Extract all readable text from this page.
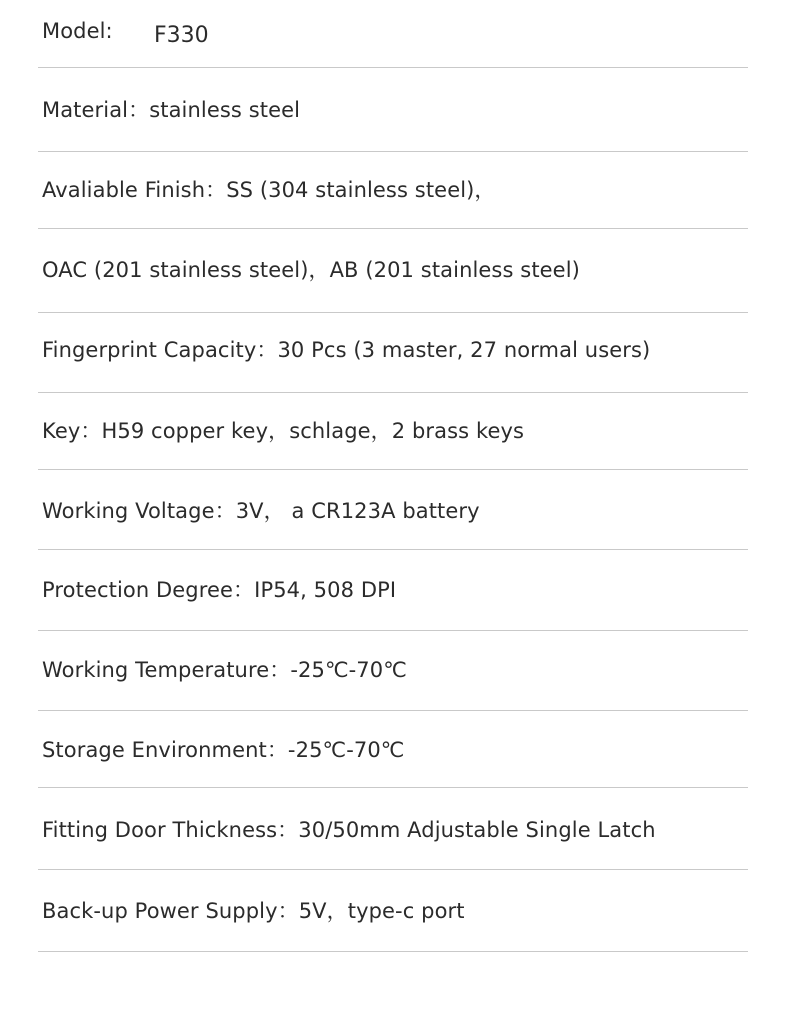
Model: F330
Material：stainless steel
Avaliable Finish：SS (304 stainless steel)，
OAC (201 stainless steel)，AB (201 stainless steel)
Fingerprint Capacity：30 Pcs (3 master, 27 normal users)
Key：H59 copper key，schlage，2 brass keys
Working Voltage：3V， a CR123A battery
Protection Degree：IP54, 508 DPI
Working Temperature：-25℃-70℃
Storage Environment：-25℃-70℃
Fitting Door Thickness：30/50mm Adjustable Single Latch
Back-up Power Supply：5V，type-c port
